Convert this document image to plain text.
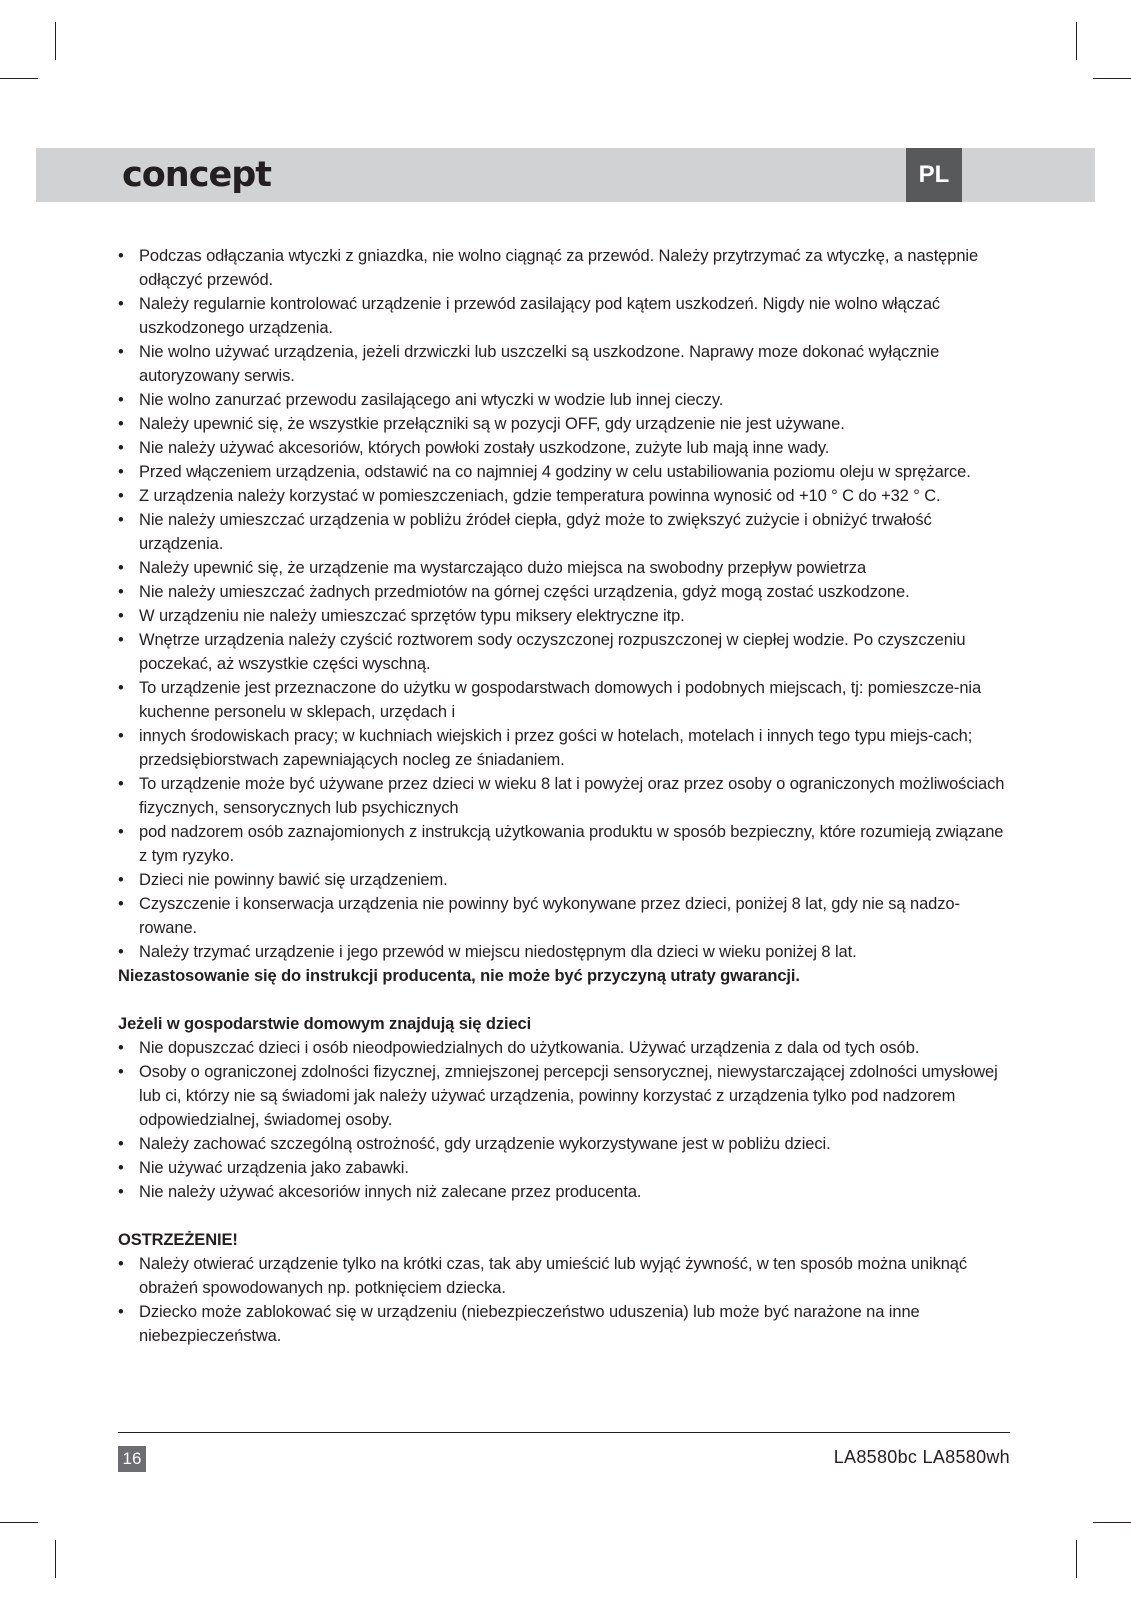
concept	PL
• Podczas odłączania wtyczki z gniazdka, nie wolno ciągnąć za przewód. Należy przytrzymać za wtyczkę, a następnie odłączyć przewód.
• Należy regularnie kontrolować urządzenie i przewód zasilający pod kątem uszkodzeń. Nigdy nie wolno włączać uszkodzonego urządzenia.
• Nie wolno używać urządzenia, jeżeli drzwiczki lub uszczelki są uszkodzone. Naprawy moze dokonać wyłącznie autoryzowany serwis.
• Nie wolno zanurzać przewodu zasilającego ani wtyczki w wodzie lub innej cieczy.
• Należy upewnić się, że wszystkie przełączniki są w pozycji OFF, gdy urządzenie nie jest używane.
• Nie należy używać akcesoriów, których powłoki zostały uszkodzone, zużyte lub mają inne wady.
• Przed włączeniem urządzenia, odstawić na co najmniej 4 godziny w celu ustabiliowania poziomu oleju w sprężarce.
• Z urządzenia należy korzystać w pomieszczeniach, gdzie temperatura powinna wynosić od +10 ° C do +32 ° C.
• Nie należy umieszczać urządzenia w pobliżu źródeł ciepła, gdyż może to zwiększyć zużycie i obniżyć trwałość urządzenia.
• Należy upewnić się, że urządzenie ma wystarczająco dużo miejsca na swobodny przepływ powietrza
• Nie należy umieszczać żadnych przedmiotów na górnej części urządzenia, gdyż mogą zostać uszkodzone.
• W urządzeniu nie należy umieszczać sprzętów typu miksery elektryczne itp.
• Wnętrze urządzenia należy czyścić roztworem sody oczyszczonej rozpuszczonej w ciepłej wodzie. Po czyszczeniu poczekać, aż wszystkie części wyschną.
• To urządzenie jest przeznaczone do użytku w gospodarstwach domowych i podobnych miejscach, tj: pomieszcze-nia kuchenne personelu w sklepach, urzędach i
• innych środowiskach pracy; w kuchniach wiejskich i przez gości w hotelach, motelach i innych tego typu miejs-cach; przedsiębiorstwach zapewniających nocleg ze śniadaniem.
• To urządzenie może być używane przez dzieci w wieku 8 lat i powyżej oraz przez osoby o ograniczonych możliwościach fizycznych, sensorycznych lub psychicznych
• pod nadzorem osób zaznajomionych z instrukcją użytkowania produktu w sposób bezpieczny, które rozumieją związane z tym ryzyko.
• Dzieci nie powinny bawić się urządzeniem.
• Czyszczenie i konserwacja urządzenia nie powinny być wykonywane przez dzieci, poniżej 8 lat, gdy nie są nadzo-rowane.
• Należy trzymać urządzenie i jego przewód w miejscu niedostępnym dla dzieci w wieku poniżej 8 lat.
Niezastosowanie się do instrukcji producenta, nie może być przyczyną utraty gwarancji.
Jeżeli w gospodarstwie domowym znajdują się dzieci
• Nie dopuszczać dzieci i osób nieodpowiedzialnych do użytkowania. Używać urządzenia z dala od tych osób.
• Osoby o ograniczonej zdolności fizycznej, zmniejszonej percepcji sensorycznej, niewystarczającej zdolności umysłowej lub ci, którzy nie są świadomi jak należy używać urządzenia, powinny korzystać z urządzenia tylko pod nadzorem odpowiedzialnej, świadomej osoby.
• Należy zachować szczególną ostrożność, gdy urządzenie wykorzystywane jest w pobliżu dzieci.
• Nie używać urządzenia jako zabawki.
• Nie należy używać akcesoriów innych niż zalecane przez producenta.
OSTRZEŻENIE!
• Należy otwierać urządzenie tylko na krótki czas, tak aby umieścić lub wyjąć żywność, w ten sposób można uniknąć obrażeń spowodowanych np. potknięciem dziecka.
• Dziecko może zablokować się w urządzeniu (niebezpieczeństwo uduszenia) lub może być narażone na inne niebezpieczeństwa.
16	LA8580bc LA8580wh
